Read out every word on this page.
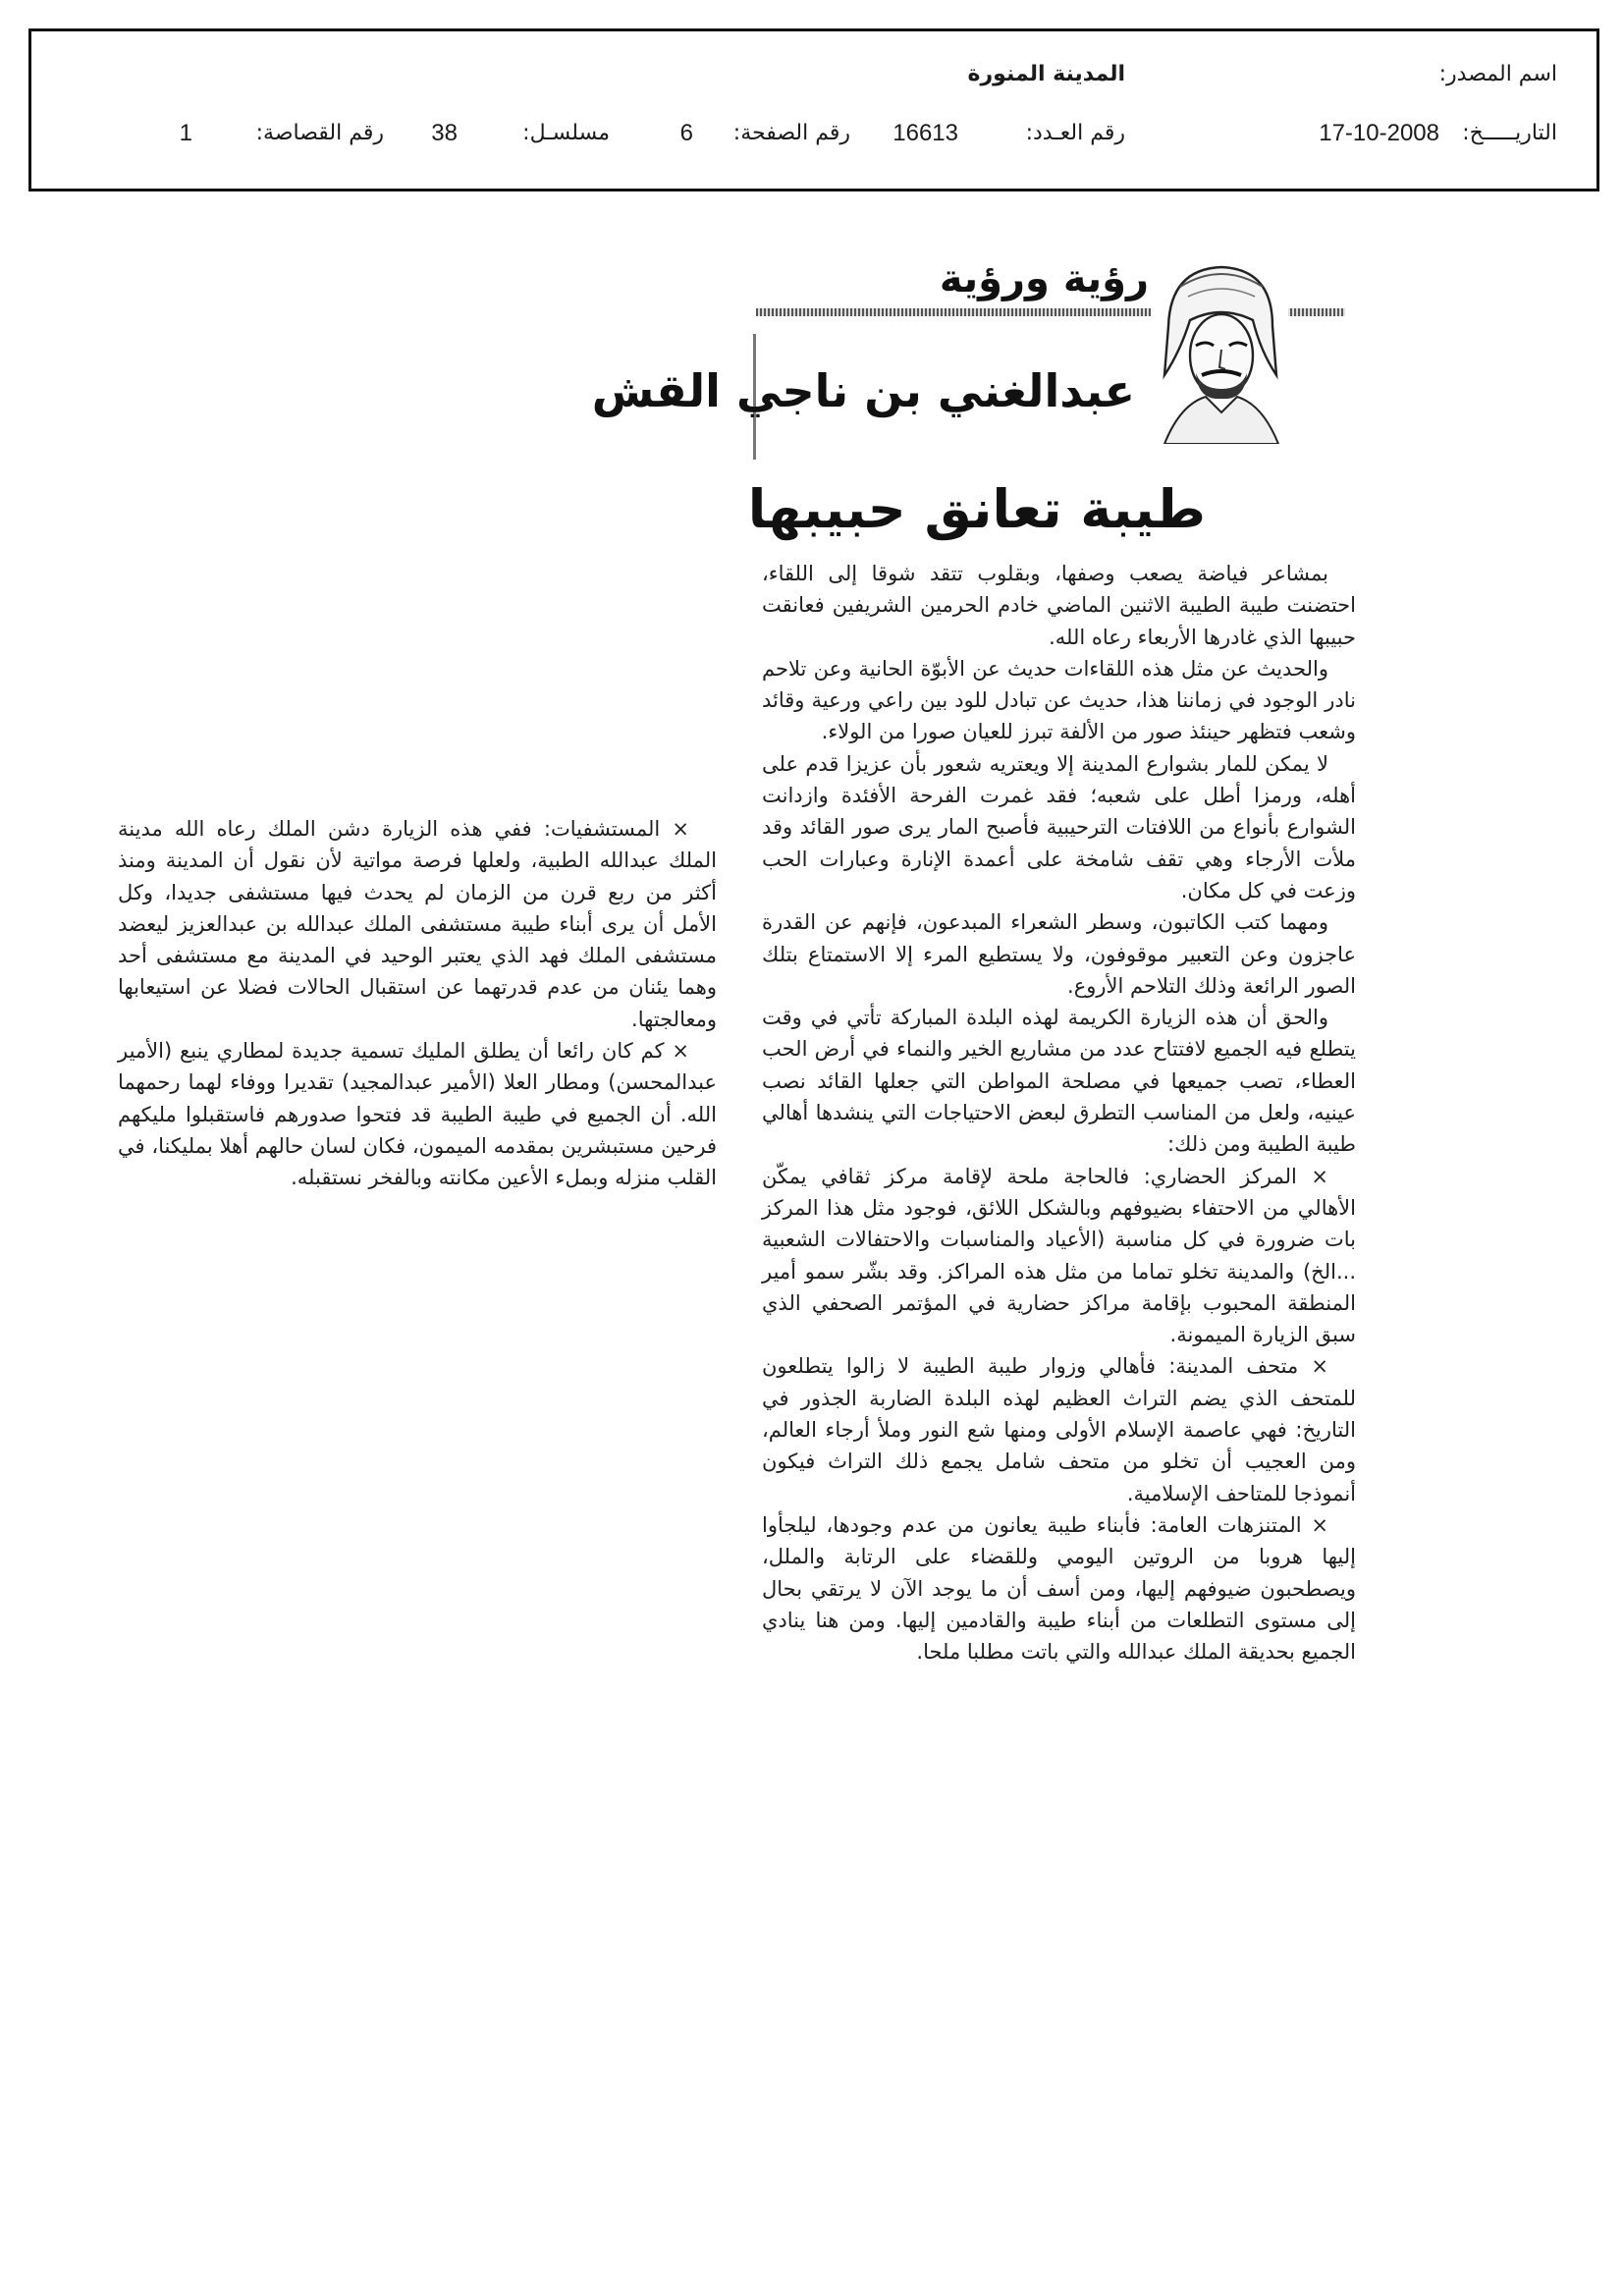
اسم المصدر:
المدينة المنورة
التاريـــــخ:
17-10-2008
رقم العـدد:
16613
رقم الصفحة:
6
مسلسـل:
38
رقم القصاصة:
1
رؤية ورؤية
عبدالغني بن ناجي القش
طيبة تعانق حبيبها

بمشاعر فياضة يصعب وصفها، وبقلوب تتقد شوقا إلى اللقاء، احتضنت طيبة الطيبة الاثنين الماضي خادم الحرمين الشريفين فعانقت حبيبها الذي غادرها الأربعاء رعاه الله.

والحديث عن مثل هذه اللقاءات حديث عن الأبوّة الحانية وعن تلاحم نادر الوجود في زماننا هذا، حديث عن تبادل للود بين راعي ورعية وقائد وشعب فتظهر حينئذ صور من الألفة تبرز للعيان صورا من الولاء.

لا يمكن للمار بشوارع المدينة إلا ويعتريه شعور بأن عزيزا قدم على أهله، ورمزا أطل على شعبه؛ فقد غمرت الفرحة الأفئدة وازدانت الشوارع بأنواع من اللافتات الترحيبية فأصبح المار يرى صور القائد وقد ملأت الأرجاء وهي تقف شامخة على أعمدة الإنارة وعبارات الحب وزعت في كل مكان.

ومهما كتب الكاتبون، وسطر الشعراء المبدعون، فإنهم عن القدرة عاجزون وعن التعبير موقوفون، ولا يستطيع المرء إلا الاستمتاع بتلك الصور الرائعة وذلك التلاحم الأروع.

والحق أن هذه الزيارة الكريمة لهذه البلدة المباركة تأتي في وقت يتطلع فيه الجميع لافتتاح عدد من مشاريع الخير والنماء في أرض الحب العطاء، تصب جميعها في مصلحة المواطن التي جعلها القائد نصب عينيه، ولعل من المناسب التطرق لبعض الاحتياجات التي ينشدها أهالي طيبة الطيبة ومن ذلك:

× المركز الحضاري: فالحاجة ملحة لإقامة مركز ثقافي يمكّن الأهالي من الاحتفاء بضيوفهم وبالشكل اللائق، فوجود مثل هذا المركز بات ضرورة في كل مناسبة (الأعياد والمناسبات والاحتفالات الشعبية ...الخ) والمدينة تخلو تماما من مثل هذه المراكز. وقد بشّر سمو أمير المنطقة المحبوب بإقامة مراكز حضارية في المؤتمر الصحفي الذي سبق الزيارة الميمونة.

× متحف المدينة: فأهالي وزوار طيبة الطيبة لا زالوا يتطلعون للمتحف الذي يضم التراث العظيم لهذه البلدة الضاربة الجذور في التاريخ: فهي عاصمة الإسلام الأولى ومنها شع النور وملأ أرجاء العالم، ومن العجيب أن تخلو من متحف شامل يجمع ذلك التراث فيكون أنموذجا للمتاحف الإسلامية.

× المتنزهات العامة: فأبناء طيبة يعانون من عدم وجودها، ليلجأوا إليها هروبا من الروتين اليومي وللقضاء على الرتابة والملل، ويصطحبون ضيوفهم إليها، ومن أسف أن ما يوجد الآن لا يرتقي بحال إلى مستوى التطلعات من أبناء طيبة والقادمين إليها. ومن هنا ينادي الجميع بحديقة الملك عبدالله والتي باتت مطلبا ملحا.

× المستشفيات: ففي هذه الزيارة دشن الملك رعاه الله مدينة الملك عبدالله الطبية، ولعلها فرصة مواتية لأن نقول أن المدينة ومنذ أكثر من ربع قرن من الزمان لم يحدث فيها مستشفى جديدا، وكل الأمل أن يرى أبناء طيبة مستشفى الملك عبدالله بن عبدالعزيز ليعضد مستشفى الملك فهد الذي يعتبر الوحيد في المدينة مع مستشفى أحد وهما يئنان من عدم قدرتهما عن استقبال الحالات فضلا عن استيعابها ومعالجتها.

× كم كان رائعا أن يطلق المليك تسمية جديدة لمطاري ينبع (الأمير عبدالمحسن) ومطار العلا (الأمير عبدالمجيد) تقديرا ووفاء لهما رحمهما الله. أن الجميع في طيبة الطيبة قد فتحوا صدورهم فاستقبلوا مليكهم فرحين مستبشرين بمقدمه الميمون، فكان لسان حالهم أهلا بمليكنا، في القلب منزله وبملء الأعين مكانته وبالفخر نستقبله.
